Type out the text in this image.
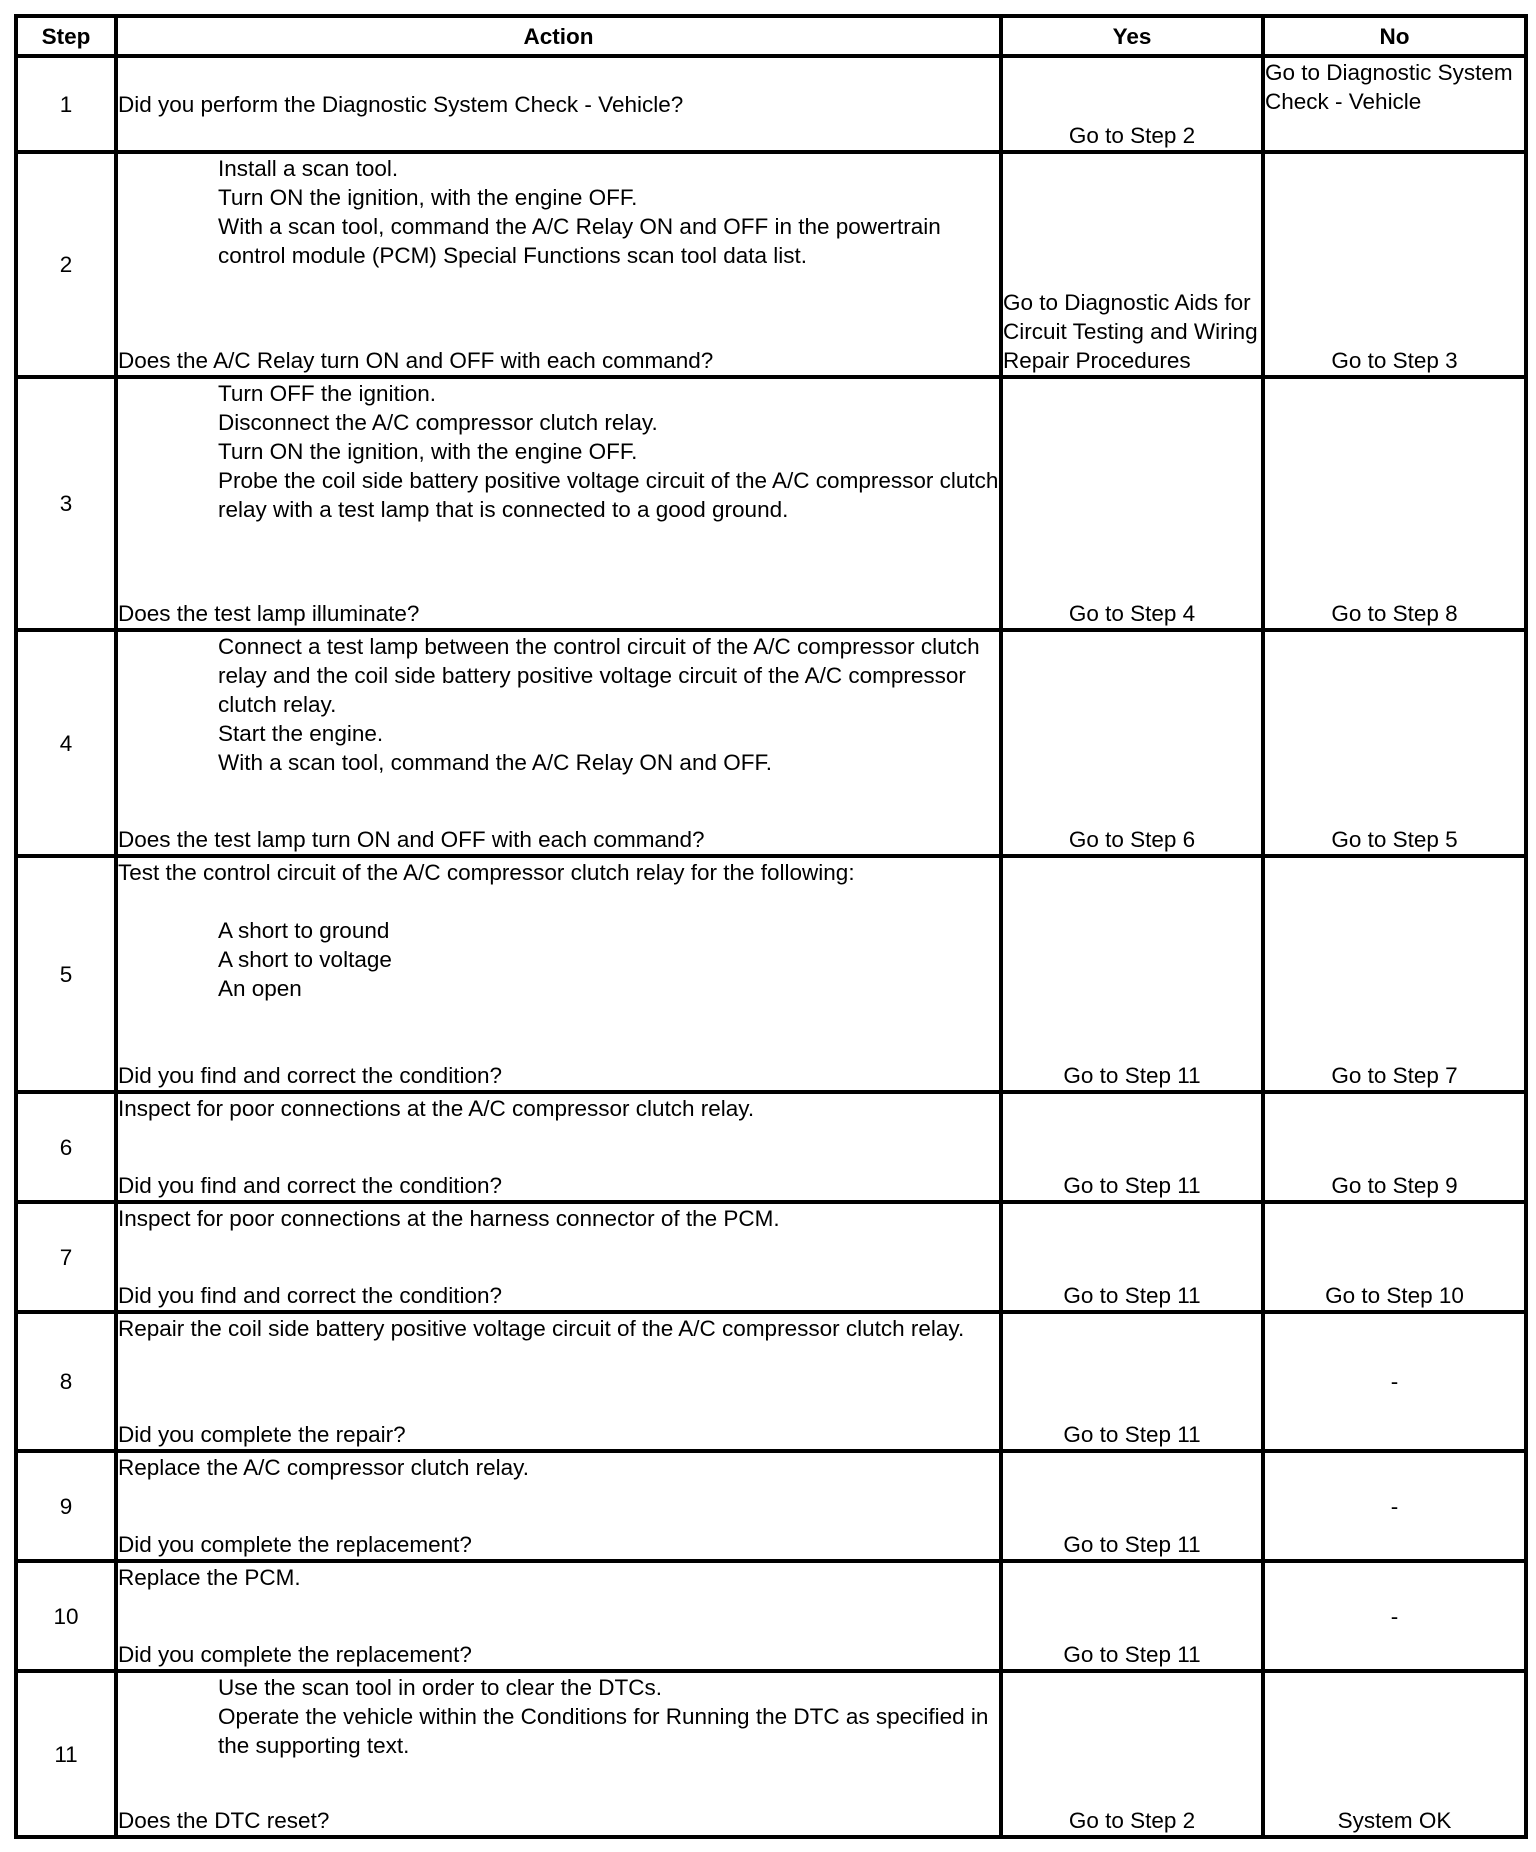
Step	Action	Yes	No
1	Did you perform the Diagnostic System Check - Vehicle?	Go to Step 2	Go to Diagnostic System Check - Vehicle
2	Install a scan tool.
Turn ON the ignition, with the engine OFF.
With a scan tool, command the A/C Relay ON and OFF in the powertrain control module (PCM) Special Functions scan tool data list.
Does the A/C Relay turn ON and OFF with each command?	Go to Diagnostic Aids for Circuit Testing and Wiring Repair Procedures	Go to Step 3
3	Turn OFF the ignition.
Disconnect the A/C compressor clutch relay.
Turn ON the ignition, with the engine OFF.
Probe the coil side battery positive voltage circuit of the A/C compressor clutch relay with a test lamp that is connected to a good ground.
Does the test lamp illuminate?	Go to Step 4	Go to Step 8
4	Connect a test lamp between the control circuit of the A/C compressor clutch relay and the coil side battery positive voltage circuit of the A/C compressor clutch relay.
Start the engine.
With a scan tool, command the A/C Relay ON and OFF.
Does the test lamp turn ON and OFF with each command?	Go to Step 6	Go to Step 5
5	Test the control circuit of the A/C compressor clutch relay for the following:
A short to ground
A short to voltage
An open
Did you find and correct the condition?	Go to Step 11	Go to Step 7
6	Inspect for poor connections at the A/C compressor clutch relay.
Did you find and correct the condition?	Go to Step 11	Go to Step 9
7	Inspect for poor connections at the harness connector of the PCM.
Did you find and correct the condition?	Go to Step 11	Go to Step 10
8	Repair the coil side battery positive voltage circuit of the A/C compressor clutch relay.
Did you complete the repair?	Go to Step 11	-
9	Replace the A/C compressor clutch relay.
Did you complete the replacement?	Go to Step 11	-
10	Replace the PCM.
Did you complete the replacement?	Go to Step 11	-
11	Use the scan tool in order to clear the DTCs.
Operate the vehicle within the Conditions for Running the DTC as specified in the supporting text.
Does the DTC reset?	Go to Step 2	System OK
